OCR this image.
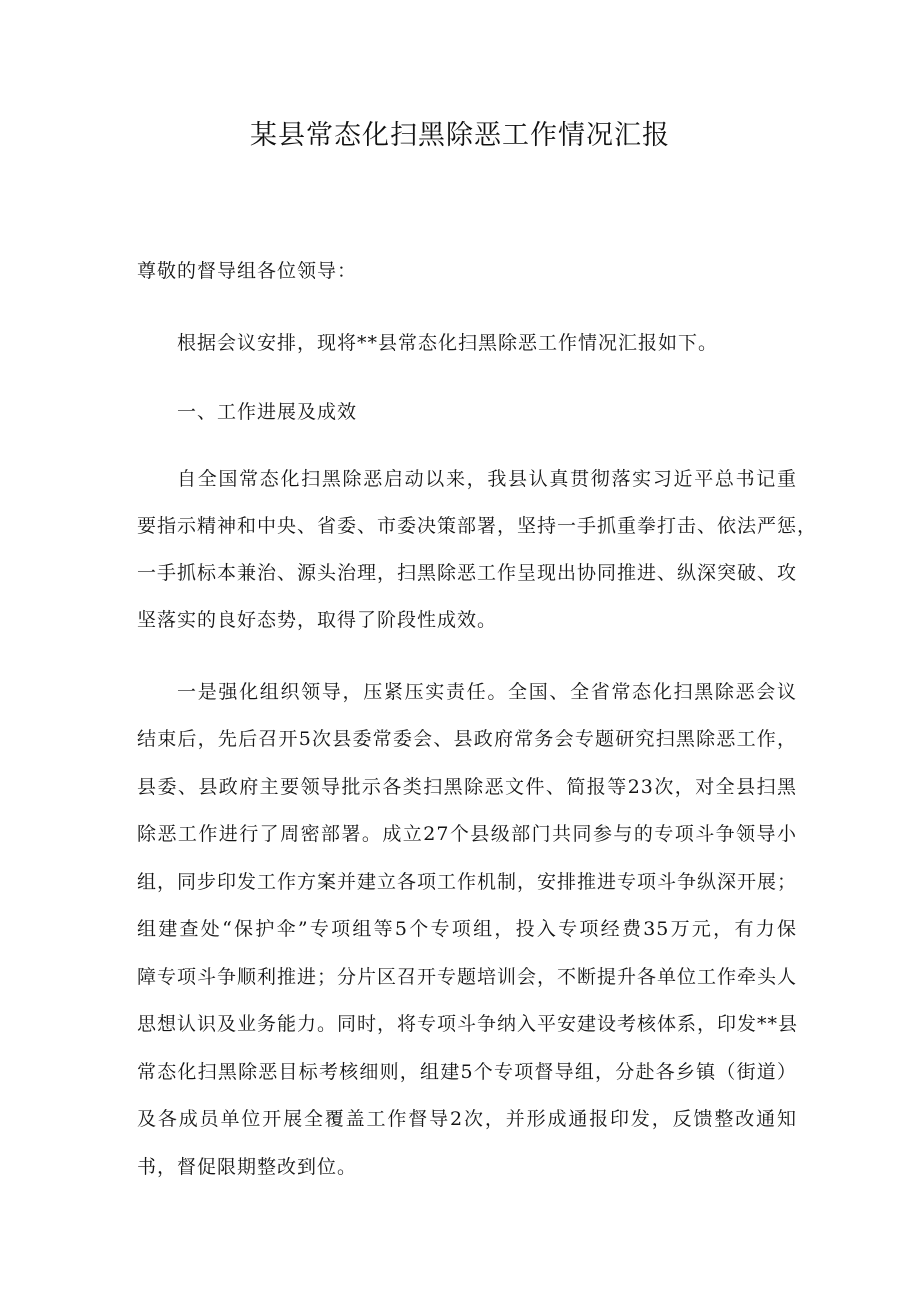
某县常态化扫黑除恶工作情况汇报
尊敬的督导组各位领导：
根据会议安排，现将**县常态化扫黑除恶工作情况汇报如下。
一、工作进展及成效
自全国常态化扫黑除恶启动以来，我县认真贯彻落实习近平总书记重
要指示精神和中央、省委、市委决策部署，坚持一手抓重拳打击、依法严惩，
一手抓标本兼治、源头治理，扫黑除恶工作呈现出协同推进、纵深突破、攻
坚落实的良好态势，取得了阶段性成效。
一是强化组织领导，压紧压实责任。全国、全省常态化扫黑除恶会议
结束后，先后召开5次县委常委会、县政府常务会专题研究扫黑除恶工作，
县委、县政府主要领导批示各类扫黑除恶文件、简报等23次，对全县扫黑
除恶工作进行了周密部署。成立27个县级部门共同参与的专项斗争领导小
组，同步印发工作方案并建立各项工作机制，安排推进专项斗争纵深开展；
组建查处“保护伞”专项组等5个专项组，投入专项经费35万元，有力保
障专项斗争顺利推进；分片区召开专题培训会，不断提升各单位工作牵头人
思想认识及业务能力。同时，将专项斗争纳入平安建设考核体系，印发**县
常态化扫黑除恶目标考核细则，组建5个专项督导组，分赴各乡镇（街道）
及各成员单位开展全覆盖工作督导2次，并形成通报印发，反馈整改通知
书，督促限期整改到位。
